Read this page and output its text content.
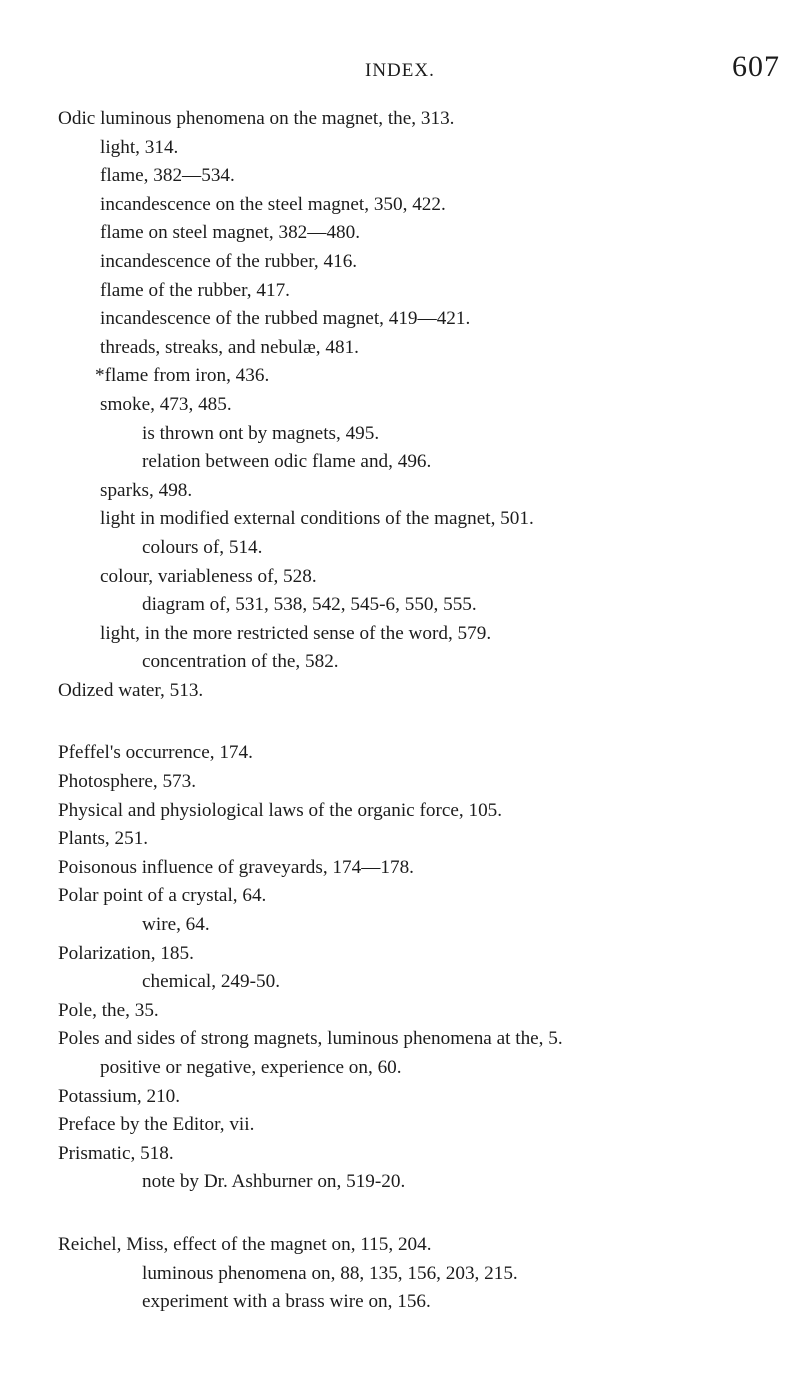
INDEX.	607
Odic luminous phenomena on the magnet, the, 313.
light, 314.
flame, 382—534.
incandescence on the steel magnet, 350, 422.
flame on steel magnet, 382—480.
incandescence of the rubber, 416.
flame of the rubber, 417.
incandescence of the rubbed magnet, 419—421.
threads, streaks, and nebulæ, 481.
*flame from iron, 436.
smoke, 473, 485.
is thrown ont by magnets, 495.
relation between odic flame and, 496.
sparks, 498.
light in modified external conditions of the magnet, 501.
colours of, 514.
colour, variableness of, 528.
diagram of, 531, 538, 542, 545-6, 550, 555.
light, in the more restricted sense of the word, 579.
concentration of the, 582.
Odized water, 513.
Pfeffel's occurrence, 174.
Photosphere, 573.
Physical and physiological laws of the organic force, 105.
Plants, 251.
Poisonous influence of graveyards, 174—178.
Polar point of a crystal, 64.
wire, 64.
Polarization, 185.
chemical, 249-50.
Pole, the, 35.
Poles and sides of strong magnets, luminous phenomena at the, 5.
positive or negative, experience on, 60.
Potassium, 210.
Preface by the Editor, vii.
Prismatic, 518.
note by Dr. Ashburner on, 519-20.
Reichel, Miss, effect of the magnet on, 115, 204.
luminous phenomena on, 88, 135, 156, 203, 215.
experiment with a brass wire on, 156.
